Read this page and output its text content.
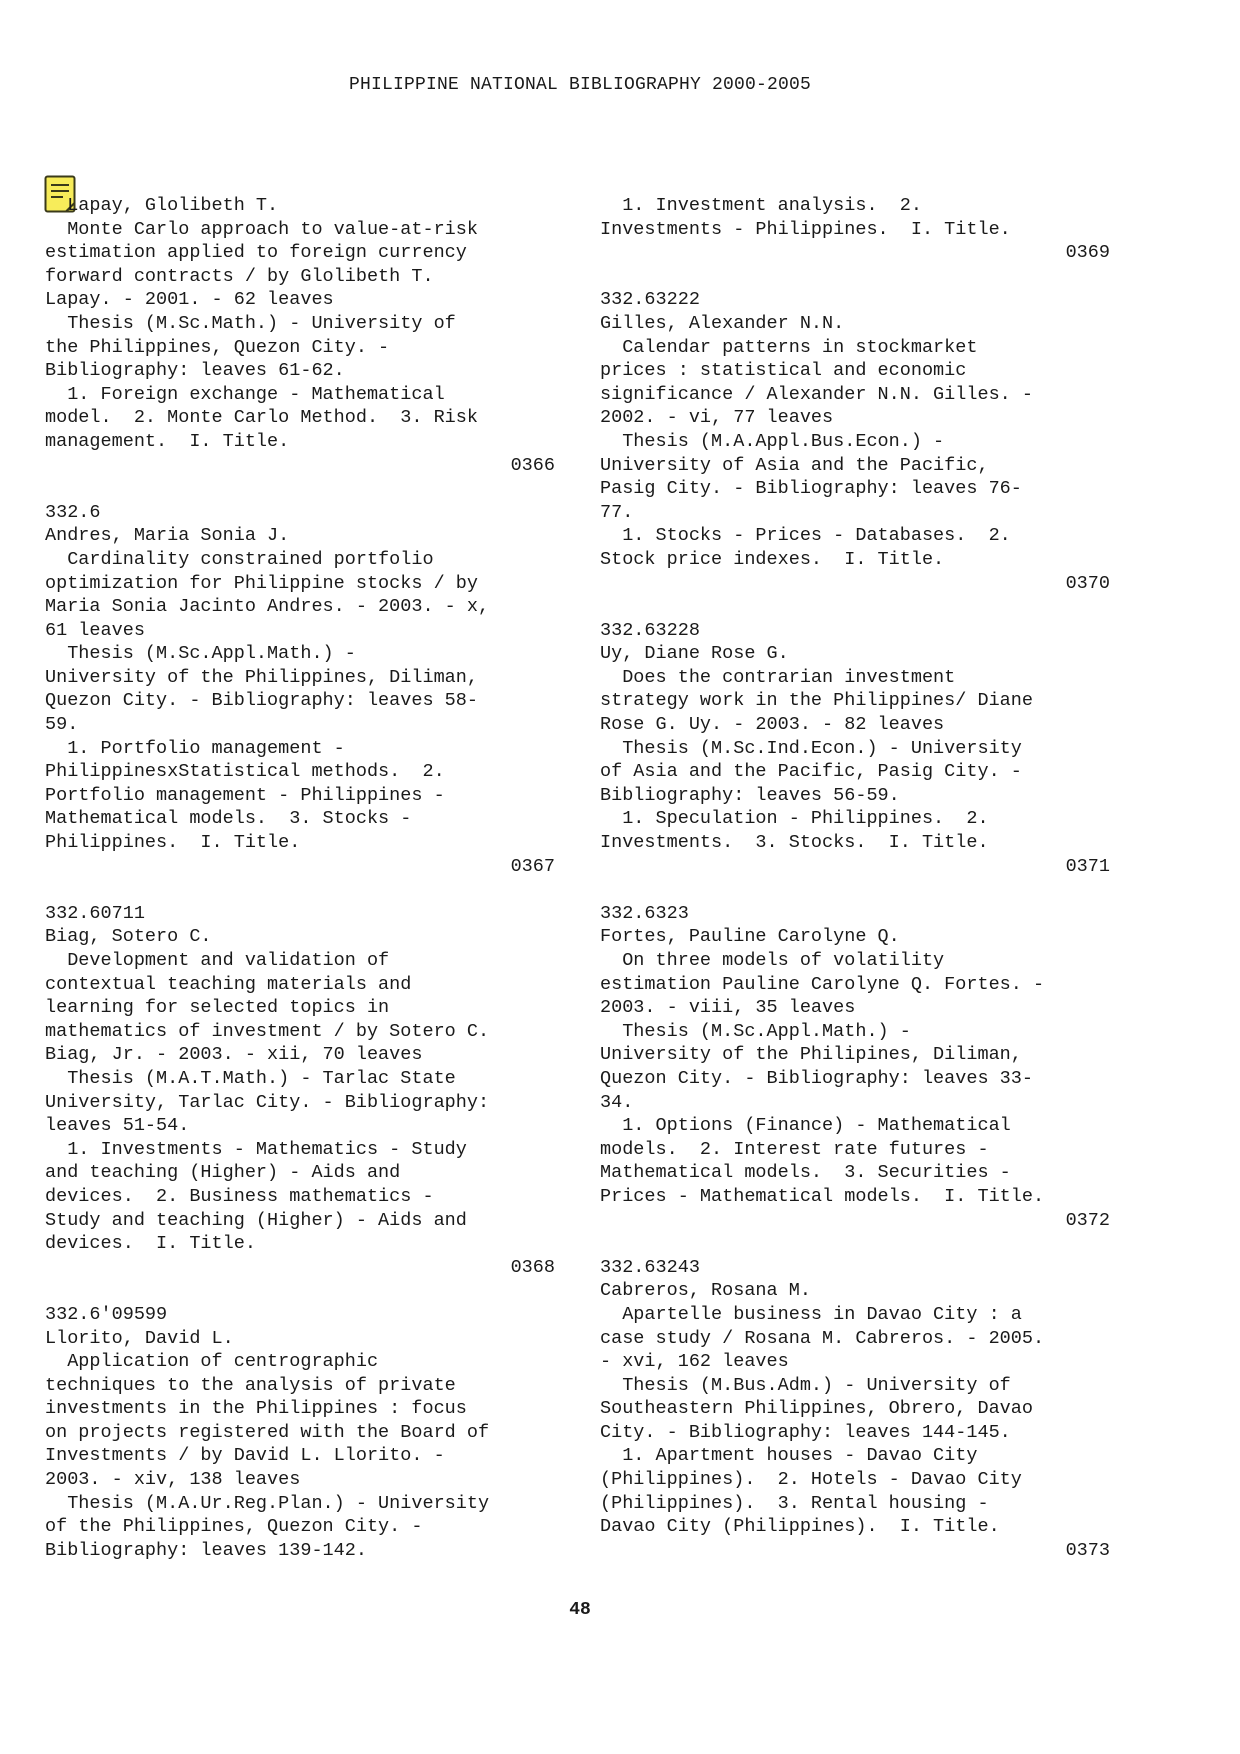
PHILIPPINE NATIONAL BIBLIOGRAPHY 2000-2005
Lapay, Glolibeth T.
Monte Carlo approach to value-at-risk
estimation applied to foreign currency
forward contracts / by Glolibeth T.
Lapay. - 2001. - 62 leaves
Thesis (M.Sc.Math.) - University of
the Philippines, Quezon City. -
Bibliography: leaves 61-62.
1. Foreign exchange - Mathematical
model.  2. Monte Carlo Method.  3. Risk
management.  I. Title.
0366
332.6
Andres, Maria Sonia J.
Cardinality constrained portfolio
optimization for Philippine stocks / by
Maria Sonia Jacinto Andres. - 2003. - x,
61 leaves
Thesis (M.Sc.Appl.Math.) -
University of the Philippines, Diliman,
Quezon City. - Bibliography: leaves 58-
59.
1. Portfolio management -
PhilippinesxStatistical methods.  2.
Portfolio management - Philippines -
Mathematical models.  3. Stocks -
Philippines.  I. Title.
0367
332.60711
Biag, Sotero C.
Development and validation of
contextual teaching materials and
learning for selected topics in
mathematics of investment / by Sotero C.
Biag, Jr. - 2003. - xii, 70 leaves
Thesis (M.A.T.Math.) - Tarlac State
University, Tarlac City. - Bibliography:
leaves 51-54.
1. Investments - Mathematics - Study
and teaching (Higher) - Aids and
devices.  2. Business mathematics -
Study and teaching (Higher) - Aids and
devices.  I. Title.
0368
332.6'09599
Llorito, David L.
Application of centrographic
techniques to the analysis of private
investments in the Philippines : focus
on projects registered with the Board of
Investments / by David L. Llorito. -
2003. - xiv, 138 leaves
Thesis (M.A.Ur.Reg.Plan.) - University
of the Philippines, Quezon City. -
Bibliography: leaves 139-142.
1. Investment analysis.  2.
Investments - Philippines.  I. Title.
0369
332.63222
Gilles, Alexander N.N.
Calendar patterns in stockmarket
prices : statistical and economic
significance / Alexander N.N. Gilles. -
2002. - vi, 77 leaves
Thesis (M.A.Appl.Bus.Econ.) -
University of Asia and the Pacific,
Pasig City. - Bibliography: leaves 76-
77.
1. Stocks - Prices - Databases.  2.
Stock price indexes.  I. Title.
0370
332.63228
Uy, Diane Rose G.
Does the contrarian investment
strategy work in the Philippines/ Diane
Rose G. Uy. - 2003. - 82 leaves
Thesis (M.Sc.Ind.Econ.) - University
of Asia and the Pacific, Pasig City. -
Bibliography: leaves 56-59.
1. Speculation - Philippines.  2.
Investments.  3. Stocks.  I. Title.
0371
332.6323
Fortes, Pauline Carolyne Q.
On three models of volatility
estimation Pauline Carolyne Q. Fortes. -
2003. - viii, 35 leaves
Thesis (M.Sc.Appl.Math.) -
University of the Philipines, Diliman,
Quezon City. - Bibliography: leaves 33-
34.
1. Options (Finance) - Mathematical
models.  2. Interest rate futures -
Mathematical models.  3. Securities -
Prices - Mathematical models.  I. Title.
0372
332.63243
Cabreros, Rosana M.
Apartelle business in Davao City : a
case study / Rosana M. Cabreros. - 2005.
- xvi, 162 leaves
Thesis (M.Bus.Adm.) - University of
Southeastern Philippines, Obrero, Davao
City. - Bibliography: leaves 144-145.
1. Apartment houses - Davao City
(Philippines).  2. Hotels - Davao City
(Philippines).  3. Rental housing -
Davao City (Philippines).  I. Title.
0373
48
